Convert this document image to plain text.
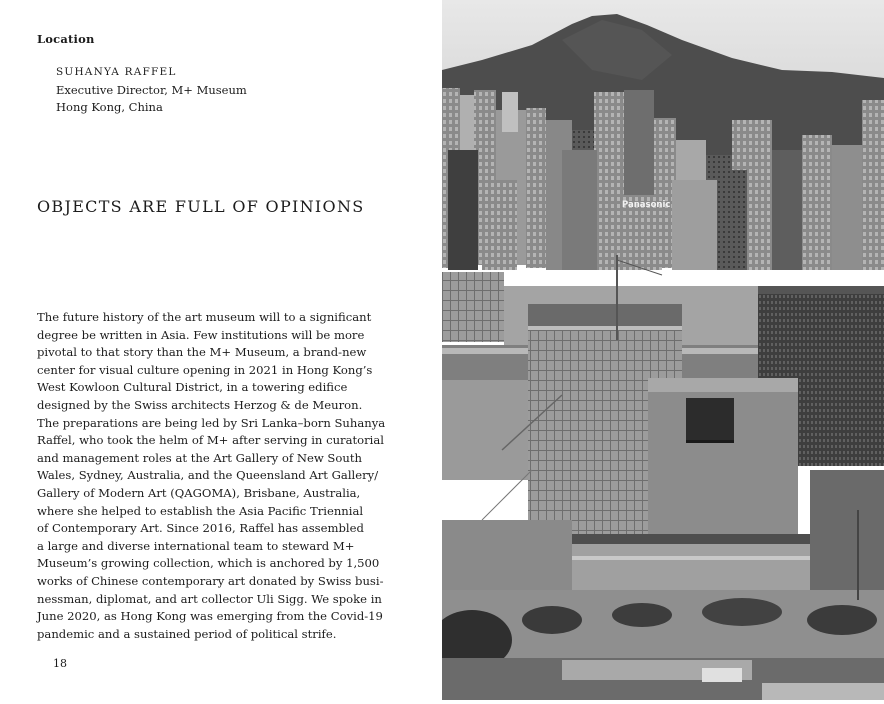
Location
SUHANYA RAFFEL
Executive Director, M+ Museum
Hong Kong, China
OBJECTS ARE FULL OF OPINIONS
The future history of the art museum will to a significant
degree be written in Asia. Few institutions will be more
pivotal to that story than the M+ Museum, a brand-new
center for visual culture opening in 2021 in Hong Kong’s
West Kowloon Cultural District, in a towering edifice
designed by the Swiss architects Herzog & de Meuron.
The preparations are being led by Sri Lanka–born Suhanya
Raffel, who took the helm of M+ after serving in curatorial
and management roles at the Art Gallery of New South
Wales, Sydney, Australia, and the Queensland Art Gallery/
Gallery of Modern Art (QAGOMA), Brisbane, Australia,
where she helped to establish the Asia Pacific Triennial
of Contemporary Art. Since 2016, Raffel has assembled
a large and diverse international team to steward M+
Museum’s growing collection, which is anchored by 1,500
works of Chinese contemporary art donated by Swiss busi-
nessman, diplomat, and art collector Uli Sigg. We spoke in
June 2020, as Hong Kong was emerging from the Covid-19
pandemic and a sustained period of political strife.
18
Panasonic
